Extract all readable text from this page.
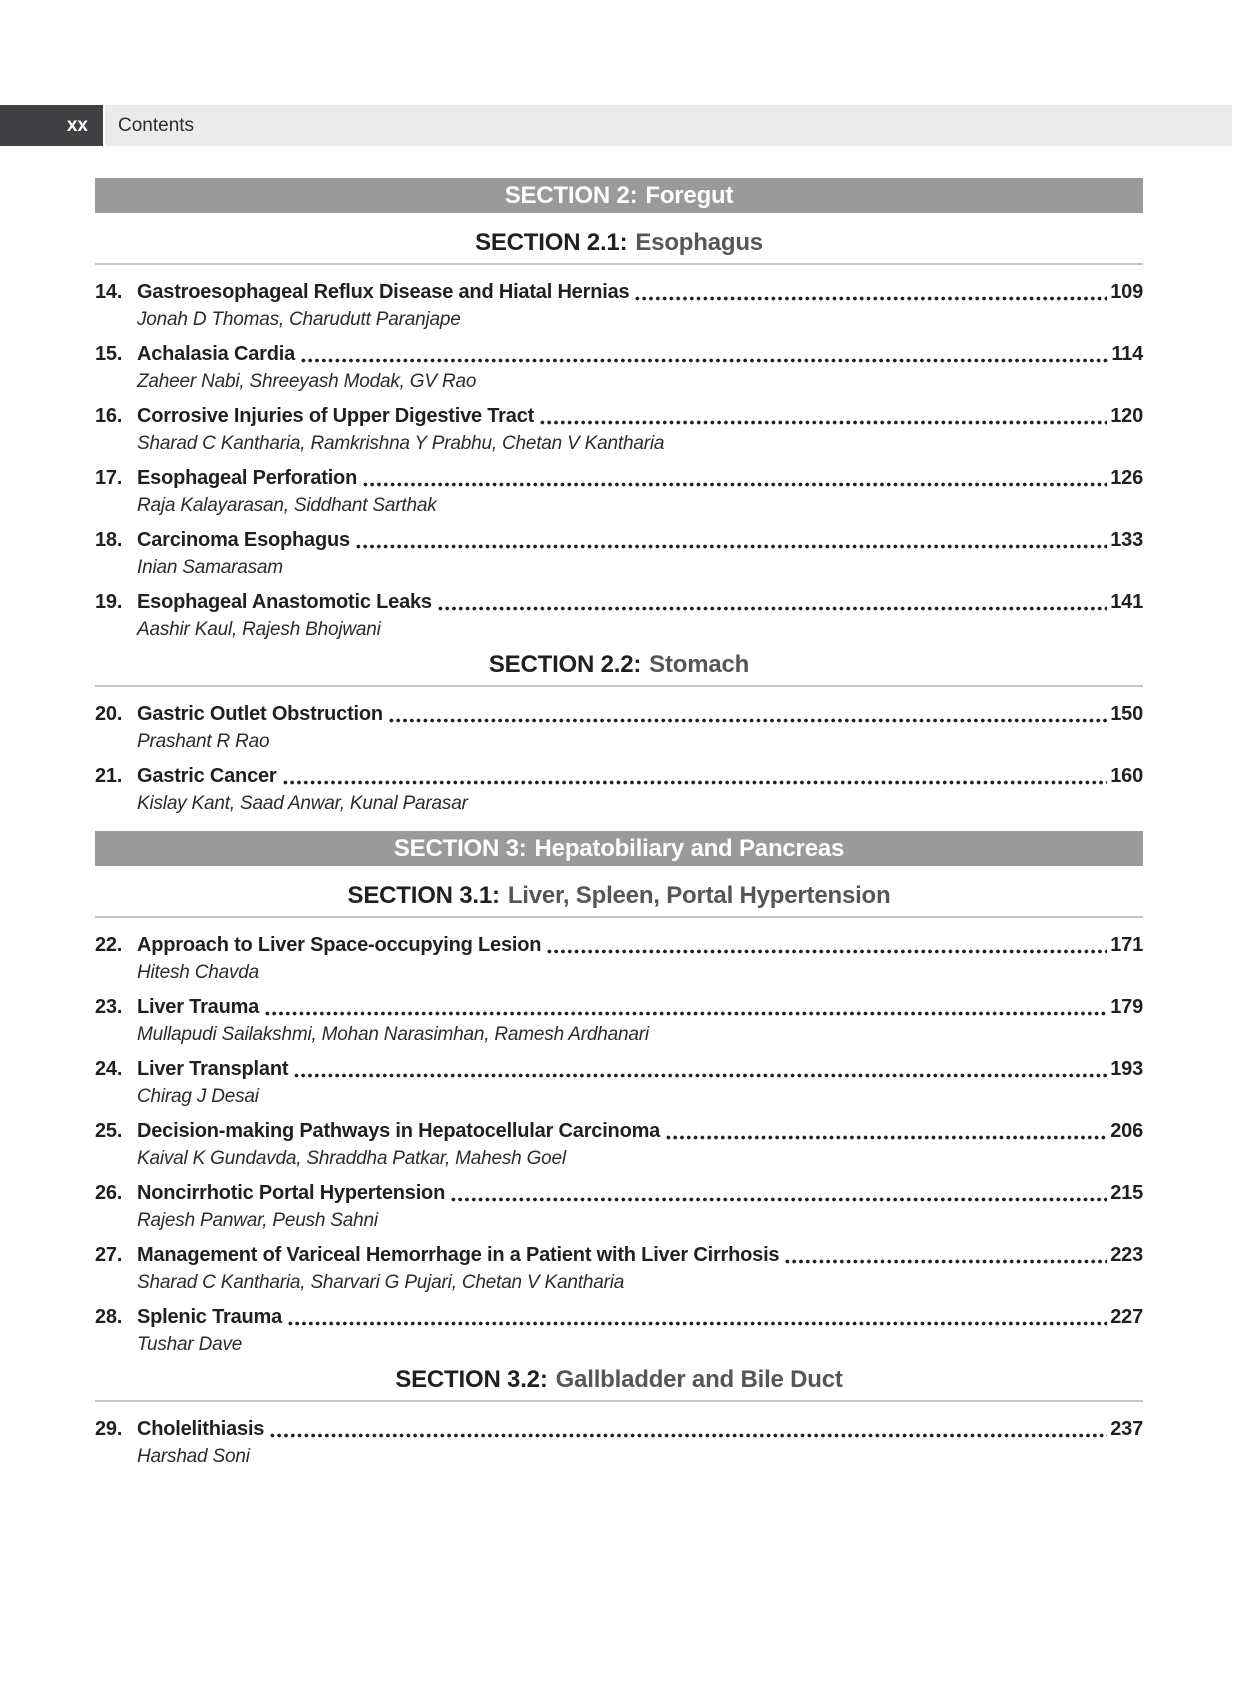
xx	Contents
SECTION 2: Foregut
SECTION 2.1: Esophagus
14. Gastroesophageal Reflux Disease and Hiatal Hernias	109
Jonah D Thomas, Charudutt Paranjape
15. Achalasia Cardia	114
Zaheer Nabi, Shreeyash Modak, GV Rao
16. Corrosive Injuries of Upper Digestive Tract	120
Sharad C Kantharia, Ramkrishna Y Prabhu, Chetan V Kantharia
17. Esophageal Perforation	126
Raja Kalayarasan, Siddhant Sarthak
18. Carcinoma Esophagus	133
Inian Samarasam
19. Esophageal Anastomotic Leaks	141
Aashir Kaul, Rajesh Bhojwani
SECTION 2.2: Stomach
20. Gastric Outlet Obstruction	150
Prashant R Rao
21. Gastric Cancer	160
Kislay Kant, Saad Anwar, Kunal Parasar
SECTION 3: Hepatobiliary and Pancreas
SECTION 3.1: Liver, Spleen, Portal Hypertension
22. Approach to Liver Space-occupying Lesion	171
Hitesh Chavda
23. Liver Trauma	179
Mullapudi Sailakshmi, Mohan Narasimhan, Ramesh Ardhanari
24. Liver Transplant	193
Chirag J Desai
25. Decision-making Pathways in Hepatocellular Carcinoma	206
Kaival K Gundavda, Shraddha Patkar, Mahesh Goel
26. Noncirrhotic Portal Hypertension	215
Rajesh Panwar, Peush Sahni
27. Management of Variceal Hemorrhage in a Patient with Liver Cirrhosis	223
Sharad C Kantharia, Sharvari G Pujari, Chetan V Kantharia
28. Splenic Trauma	227
Tushar Dave
SECTION 3.2: Gallbladder and Bile Duct
29. Cholelithiasis	237
Harshad Soni
